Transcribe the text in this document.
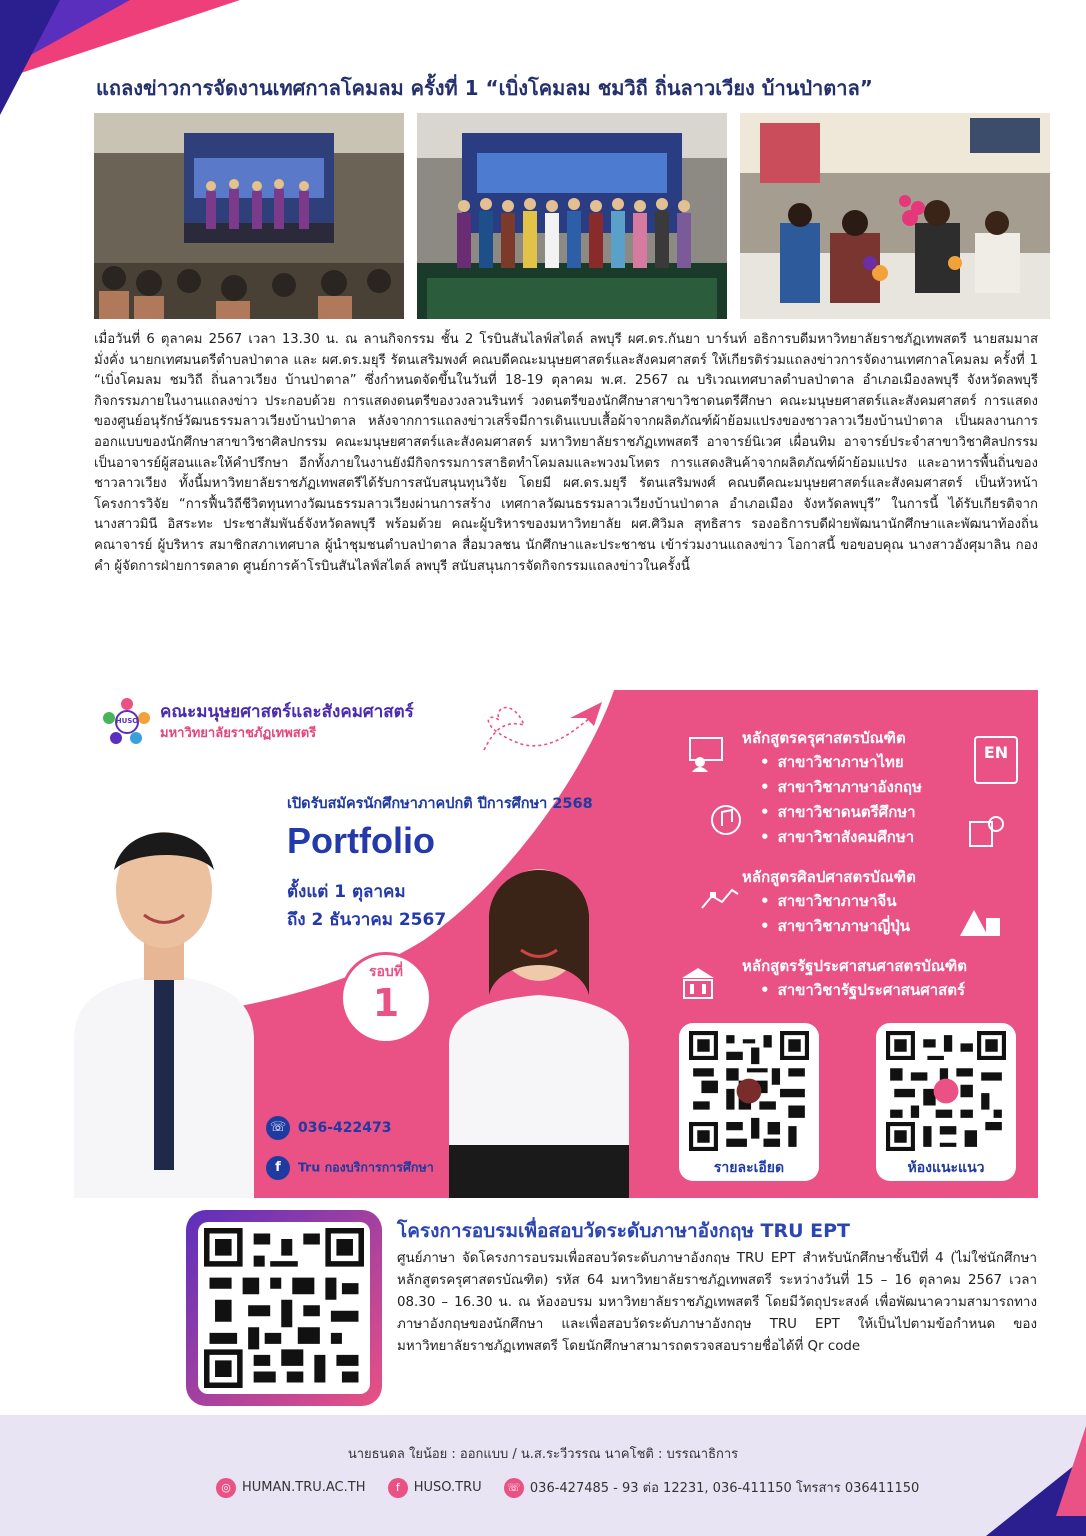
แถลงข่าวการจัดงานเทศกาลโคมลม ครั้งที่ 1 “เบิ่งโคมลม ชมวิถี ถิ่นลาวเวียง บ้านป่าตาล”
เมื่อวันที่ 6 ตุลาคม 2567 เวลา 13.30 น. ณ ลานกิจกรรม ชั้น 2 โรบินสันไลฟ์สไตล์ ลพบุรี ผศ.ดร.กันยา บาร์นท์ อธิการบดีมหาวิทยาลัยราชภัฏเทพสตรี นายสมมาส มั่งคั่ง นายกเทศมนตรีตำบลป่าตาล และ ผศ.ดร.มยุรี รัตนเสริมพงศ์ คณบดีคณะมนุษยศาสตร์และสังคมศาสตร์ ให้เกียรติร่วมแถลงข่าวการจัดงานเทศกาลโคมลม ครั้งที่ 1 “เบิ่งโคมลม ชมวิถี ถิ่นลาวเวียง บ้านป่าตาล” ซึ่งกำหนดจัดขึ้นในวันที่ 18-19 ตุลาคม พ.ศ. 2567 ณ บริเวณเทศบาลตำบลป่าตาล อำเภอเมืองลพบุรี จังหวัดลพบุรี กิจกรรมภายในงานแถลงข่าว ประกอบด้วย การแสดงดนตรีของวงลวนรินทร์ วงดนตรีของนักศึกษาสาขาวิชาดนตรีศึกษา คณะมนุษยศาสตร์และสังคมศาสตร์ การแสดงของศูนย์อนุรักษ์วัฒนธรรมลาวเวียงบ้านป่าตาล หลังจากการแถลงข่าวเสร็จมีการเดินแบบเสื้อผ้าจากผลิตภัณฑ์ผ้าย้อมแปรงของชาวลาวเวียงบ้านป่าตาล เป็นผลงานการออกแบบของนักศึกษาสาขาวิชาศิลปกรรม คณะมนุษยศาสตร์และสังคมศาสตร์ มหาวิทยาลัยราชภัฏเทพสตรี อาจารย์นิเวศ เผื่อนทิม อาจารย์ประจำสาขาวิชาศิลปกรรม เป็นอาจารย์ผู้สอนและให้คำปรึกษา อีกทั้งภายในงานยังมีกิจกรรมการสาธิตทำโคมลมและพวงมโหตร การแสดงสินค้าจากผลิตภัณฑ์ผ้าย้อมแปรง และอาหารพื้นถิ่นของชาวลาวเวียง ทั้งนี้มหาวิทยาลัยราชภัฏเทพสตรีได้รับการสนับสนุนทุนวิจัย โดยมี ผศ.ดร.มยุรี รัตนเสริมพงศ์ คณบดีคณะมนุษยศาสตร์และสังคมศาสตร์ เป็นหัวหน้าโครงการวิจัย “การฟื้นวิถีชีวิตทุนทางวัฒนธรรมลาวเวียงผ่านการสร้าง เทศกาลวัฒนธรรมลาวเวียงบ้านป่าตาล อำเภอเมือง จังหวัดลพบุรี” ในการนี้ ได้รับเกียรติจากนางสาวมินี อิสระทะ ประชาสัมพันธ์จังหวัดลพบุรี พร้อมด้วย คณะผู้บริหารของมหาวิทยาลัย ผศ.ศิวิมล สุทธิสาร รองอธิการบดีฝ่ายพัฒนานักศึกษาและพัฒนาท้องถิ่น คณาจารย์ ผู้บริหาร สมาชิกสภาเทศบาล ผู้นำชุมชนตำบลป่าตาล สื่อมวลชน นักศึกษาและประชาชน เข้าร่วมงานแถลงข่าว โอกาสนี้ ขอขอบคุณ นางสาวอังศุมาลิน กองคำ ผู้จัดการฝ่ายการตลาด ศูนย์การค้าโรบินสันไลฟ์สไตล์ ลพบุรี สนับสนุนการจัดกิจกรรมแถลงข่าวในครั้งนี้
HUSO คณะมนุษยศาสตร์และสังคมศาสตร์
มหาวิทยาลัยราชภัฏเทพสตรี
เปิดรับสมัครนักศึกษาภาคปกติ ปีการศึกษา 2568
Portfolio
ตั้งแต่ 1 ตุลาคม
ถึง 2 ธันวาคม 2567
รอบที่
1
☏ 036-422473
f Tru กองบริการการศึกษา
หลักสูตรครุศาสตรบัณฑิต
• สาขาวิชาภาษาไทย
• สาขาวิชาภาษาอังกฤษ
• สาขาวิชาดนตรีศึกษา
• สาขาวิชาสังคมศึกษา
หลักสูตรศิลปศาสตรบัณฑิต
• สาขาวิชาภาษาจีน
• สาขาวิชาภาษาญี่ปุ่น
หลักสูตรรัฐประศาสนศาสตรบัณฑิต
• สาขาวิชารัฐประศาสนศาสตร์
EN
รายละเอียด	ห้องแนะแนว
โครงการอบรมเพื่อสอบวัดระดับภาษาอังกฤษ TRU EPT
ศูนย์ภาษา จัดโครงการอบรมเพื่อสอบวัดระดับภาษาอังกฤษ TRU EPT สำหรับนักศึกษาชั้นปีที่ 4 (ไม่ใช่นักศึกษาหลักสูตรครุศาสตรบัณฑิต) รหัส 64 มหาวิทยาลัยราชภัฏเทพสตรี ระหว่างวันที่ 15 – 16 ตุลาคม 2567 เวลา 08.30 – 16.30 น. ณ ห้องอบรม มหาวิทยาลัยราชภัฏเทพสตรี โดยมีวัตถุประสงค์ เพื่อพัฒนาความสามารถทางภาษาอังกฤษของนักศึกษา และเพื่อสอบวัดระดับภาษาอังกฤษ TRU EPT ให้เป็นไปตามข้อกำหนด ของมหาวิทยาลัยราชภัฏเทพสตรี โดยนักศึกษาสามารถตรวจสอบรายชื่อได้ที่ Qr code
นายธนดล ใยน้อย : ออกแบบ / น.ส.ระวีวรรณ นาคโชติ : บรรณาธิการ
◎ HUMAN.TRU.AC.TH	f HUSO.TRU ☏ 036-427485 - 93 ต่อ 12231, 036-411150 โทรสาร 036411150
